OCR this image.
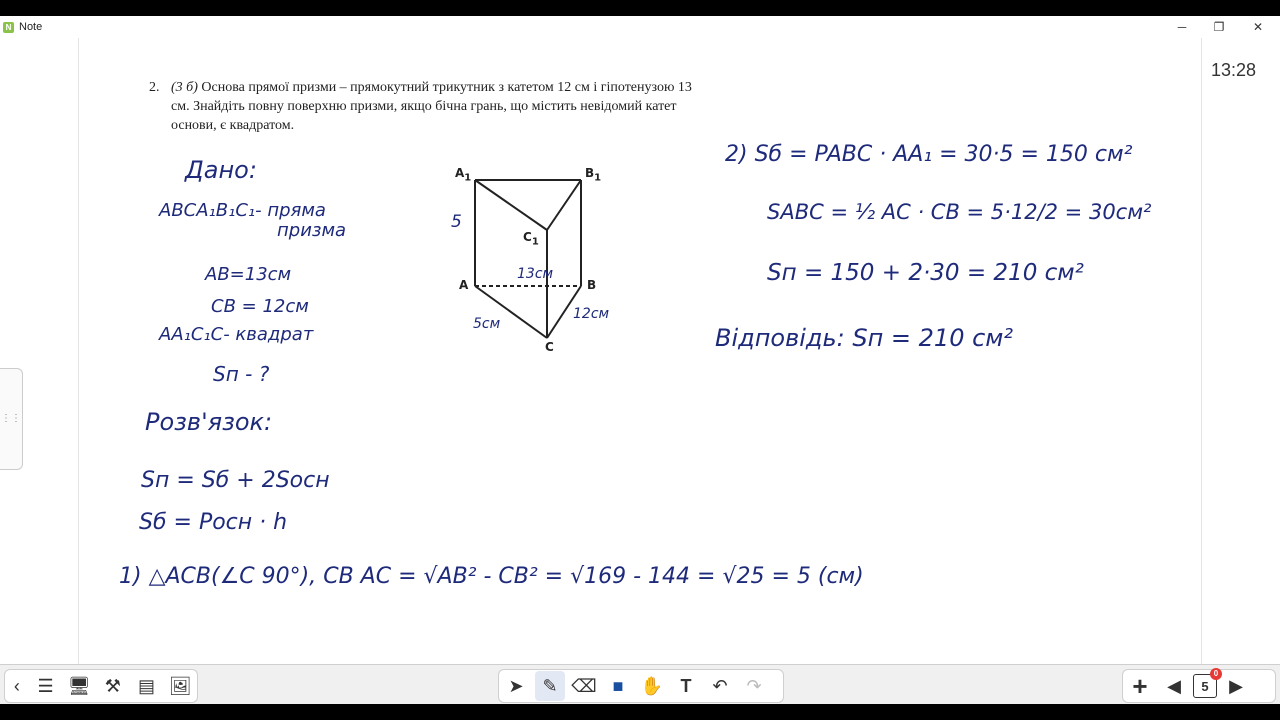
N Note	─	❐	✕
⋮⋮
13:28
2. (3 б) Основа прямої призми – прямокутний трикутник з катетом 12 см і гіпотенузою 13 см. Знайдіть повну поверхню призми, якщо бічна грань, що містить невідомий катет основи, є квадратом.
$A_1$	$B_1$
$C_1$
A	B
C
5
13см
5см
12см
Дано:
ABCA₁B₁C₁- пряма
призма
AB=13см
CB = 12см
AA₁C₁C- квадрат
Sп - ?
Розв'язок:
Sп = Sб + 2Sосн
Sб = Pосн · h
1) △ACB(∠C 90°), CB AC = √AB² - CB² = √169 - 144 = √25 = 5 (см)
2) Sб = PABC · AA₁ = 30·5 = 150 см²
SABC = ½ AC · CB = 5·12/2 = 30см²
Sп = 150 + 2·30 = 210 см²
Відповідь: Sп = 210 см²
‹ ☰ 🖥 ⚒ ▤ 🖼	➤	✎ ⌫ ■ ✋ T	↶	↷	+	◀	5
0
▶
